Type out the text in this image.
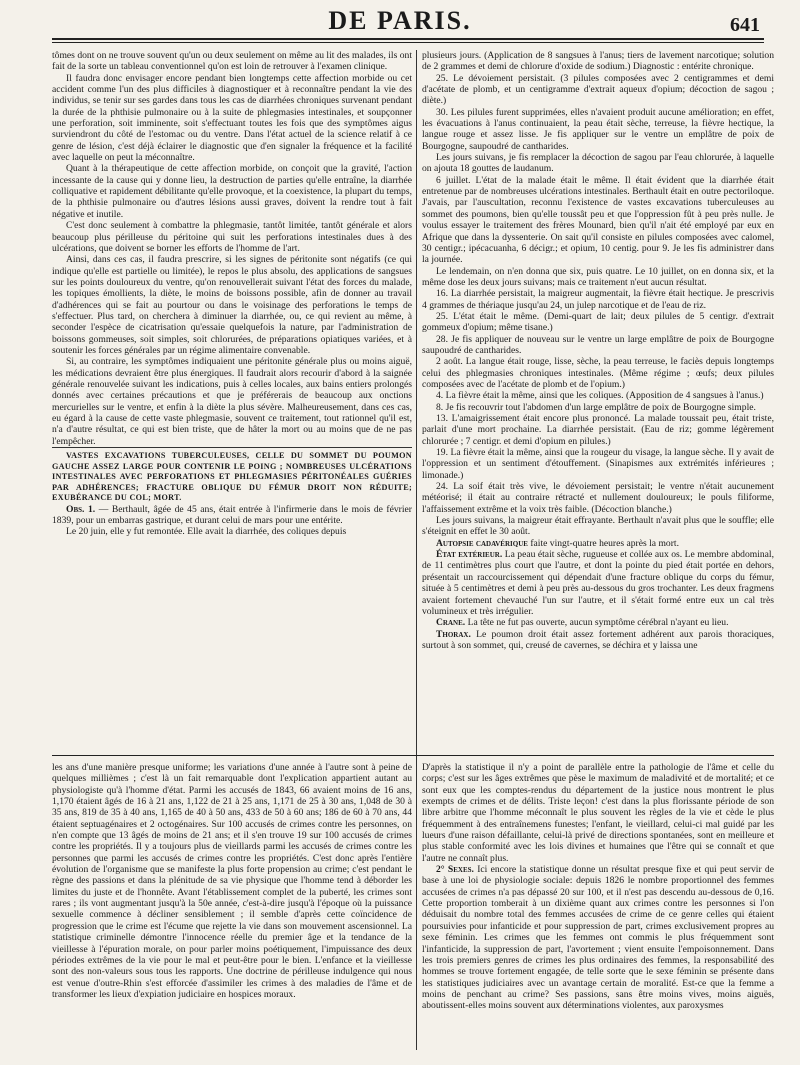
DE PARIS.	641

tômes dont on ne trouve souvent qu'un ou deux seulement on même au lit des malades, ils ont fait de la sorte un tableau conventionnel qu'on est loin de retrouver à l'examen clinique.

Il faudra donc envisager encore pendant bien longtemps cette affection morbide ou cet accident comme l'un des plus difficiles à diagnostiquer et à reconnaître pendant la vie des individus, se tenir sur ses gardes dans tous les cas de diarrhées chroniques survenant pendant la durée de la phthisie pulmonaire ou à la suite de phlegmasies intestinales, et soupçonner une perforation, soit imminente, soit s'effectuant toutes les fois que des symptômes aigus surviendront du côté de l'estomac ou du ventre. Dans l'état actuel de la science relatif à ce genre de lésion, c'est déjà éclairer le diagnostic que d'en signaler la fréquence et la facilité avec laquelle on peut la méconnaître.

Quant à la thérapeutique de cette affection morbide, on conçoit que la gravité, l'action incessante de la cause qui y donne lieu, la destruction de parties qu'elle entraîne, la diarrhée colliquative et rapidement débilitante qu'elle provoque, et la coexistence, la plupart du temps, de la phthisie pulmonaire ou d'autres lésions aussi graves, doivent la rendre tout à fait négative et inutile.

C'est donc seulement à combattre la phlegmasie, tantôt limitée, tantôt générale et alors beaucoup plus périlleuse du péritoine qui suit les perforations intestinales dues à des ulcérations, que doivent se borner les efforts de l'homme de l'art.

Ainsi, dans ces cas, il faudra prescrire, si les signes de péritonite sont négatifs (ce qui indique qu'elle est partielle ou limitée), le repos le plus absolu, des applications de sangsues sur les points douloureux du ventre, qu'on renouvellerait suivant l'état des forces du malade, les topiques émollients, la diète, le moins de boissons possible, afin de donner au travail d'adhérences qui se fait au pourtour ou dans le voisinage des perforations le temps de s'effectuer. Plus tard, on cherchera à diminuer la diarrhée, ou, ce qui revient au même, à seconder l'espèce de cicatrisation qu'essaie quelquefois la nature, par l'administration de boissons gommeuses, soit simples, soit chlorurées, de préparations opiatiques variées, et à soutenir les forces générales par un régime alimentaire convenable.

Si, au contraire, les symptômes indiquaient une péritonite générale plus ou moins aiguë, les médications devraient être plus énergiques. Il faudrait alors recourir d'abord à la saignée générale renouvelée suivant les indications, puis à celles locales, aux bains entiers prolongés donnés avec certaines précautions et que je préférerais de beaucoup aux onctions mercurielles sur le ventre, et enfin à la diète la plus sévère. Malheureusement, dans ces cas, eu égard à la cause de cette vaste phlegmasie, souvent ce traitement, tout rationnel qu'il est, n'a d'autre résultat, ce qui est bien triste, que de hâter la mort ou au moins que de ne pas l'empêcher.

VASTES EXCAVATIONS TUBERCULEUSES, CELLE DU SOMMET DU POUMON GAUCHE ASSEZ LARGE POUR CONTENIR LE POING ; NOMBREUSES ULCÉRATIONS INTESTINALES AVEC PERFORATIONS ET PHLEGMASIES PÉRITONÉALES GUÉRIES PAR ADHÉRENCES; FRACTURE OBLIQUE DU FÉMUR DROIT NON RÉDUITE; EXUBÉRANCE DU COL; MORT.

Obs. 1. — Berthault, âgée de 45 ans, était entrée à l'infirmerie dans le mois de février 1839, pour un embarras gastrique, et durant celui de mars pour une entérite.

Le 20 juin, elle y fut remontée. Elle avait la diarrhée, des coliques depuis

plusieurs jours. (Application de 8 sangsues à l'anus; tiers de lavement narcotique; solution de 2 grammes et demi de chlorure d'oxide de sodium.) Diagnostic : entérite chronique.

25. Le dévoiement persistait. (3 pilules composées avec 2 centigrammes et demi d'acétate de plomb, et un centigramme d'extrait aqueux d'opium; décoction de sagou ; diète.)

30. Les pilules furent supprimées, elles n'avaient produit aucune amélioration; en effet, les évacuations à l'anus continuaient, la peau était sèche, terreuse, la fièvre hectique, la langue rouge et assez lisse. Je fis appliquer sur le ventre un emplâtre de poix de Bourgogne, saupoudré de cantharides.

Les jours suivans, je fis remplacer la décoction de sagou par l'eau chlorurée, à laquelle on ajouta 18 gouttes de laudanum.

6 juillet. L'état de la malade était le même. Il était évident que la diarrhée était entretenue par de nombreuses ulcérations intestinales. Berthault était en outre pectoriloque. J'avais, par l'auscultation, reconnu l'existence de vastes excavations tuberculeuses au sommet des poumons, bien qu'elle toussât peu et que l'oppression fût à peu près nulle. Je voulus essayer le traitement des frères Mounard, bien qu'il n'ait été employé par eux en Afrique que dans la dyssenterie. On sait qu'il consiste en pilules composées avec calomel, 30 centigr.; ipécacuanha, 6 décigr.; et opium, 10 centig. pour 9. Je les fis administrer dans la journée.

Le lendemain, on n'en donna que six, puis quatre. Le 10 juillet, on en donna six, et la même dose les deux jours suivans; mais ce traitement n'eut aucun résultat.

16. La diarrhée persistait, la maigreur augmentait, la fièvre était hectique. Je prescrivis 4 grammes de thériaque jusqu'au 24, un julep narcotique et de l'eau de riz.

25. L'état était le même. (Demi-quart de lait; deux pilules de 5 centigr. d'extrait gommeux d'opium; même tisane.)

28. Je fis appliquer de nouveau sur le ventre un large emplâtre de poix de Bourgogne saupoudré de cantharides.

2 août. La langue était rouge, lisse, sèche, la peau terreuse, le faciès depuis longtemps celui des phlegmasies chroniques intestinales. (Même régime ; œufs; deux pilules composées avec de l'acétate de plomb et de l'opium.)

4. La fièvre était la même, ainsi que les coliques. (Apposition de 4 sangsues à l'anus.)

8. Je fis recouvrir tout l'abdomen d'un large emplâtre de poix de Bourgogne simple.

13. L'amaigrissement était encore plus prononcé. La malade toussait peu, était triste, parlait d'une mort prochaine. La diarrhée persistait. (Eau de riz; gomme légèrement chlorurée ; 7 centigr. et demi d'opium en pilules.)

19. La fièvre était la même, ainsi que la rougeur du visage, la langue sèche. Il y avait de l'oppression et un sentiment d'étouffement. (Sinapismes aux extrémités inférieures ; limonade.)

24. La soif était très vive, le dévoiement persistait; le ventre n'était aucunement météorisé; il était au contraire rétracté et nullement douloureux; le pouls filiforme, l'affaissement extrême et la voix très faible. (Décoction blanche.)

Les jours suivans, la maigreur était effrayante. Berthault n'avait plus que le souffle; elle s'éteignit en effet le 30 août.

Autopsie cadavérique faite vingt-quatre heures après la mort.

État extérieur. La peau était sèche, rugueuse et collée aux os. Le membre abdominal, de 11 centimètres plus court que l'autre, et dont la pointe du pied était portée en dehors, présentait un raccourcissement qui dépendait d'une fracture oblique du corps du fémur, située à 5 centimètres et demi à peu près au-dessous du gros trochanter. Les deux fragmens avaient fortement chevauché l'un sur l'autre, et il s'était formé entre eux un cal très volumineux et très irrégulier.

Crane. La tête ne fut pas ouverte, aucun symptôme cérébral n'ayant eu lieu.

Thorax. Le poumon droit était assez fortement adhérent aux parois thoraciques, surtout à son sommet, qui, creusé de cavernes, se déchira et y laissa une

les ans d'une manière presque uniforme; les variations d'une année à l'autre sont à peine de quelques millièmes ; c'est là un fait remarquable dont l'explication appartient autant au physiologiste qu'à l'homme d'état. Parmi les accusés de 1843, 66 avaient moins de 16 ans, 1,170 étaient âgés de 16 à 21 ans, 1,122 de 21 à 25 ans, 1,171 de 25 à 30 ans, 1,048 de 30 à 35 ans, 819 de 35 à 40 ans, 1,165 de 40 à 50 ans, 433 de 50 à 60 ans; 186 de 60 à 70 ans, 44 étaient septuagénaires et 2 octogénaires. Sur 100 accusés de crimes contre les personnes, on n'en compte que 13 âgés de moins de 21 ans; et il s'en trouve 19 sur 100 accusés de crimes contre les propriétés. Il y a toujours plus de vieillards parmi les accusés de crimes contre les personnes que parmi les accusés de crimes contre les propriétés. C'est donc après l'entière évolution de l'organisme que se manifeste la plus forte propension au crime; c'est pendant le règne des passions et dans la plénitude de sa vie physique que l'homme tend à déborder les limites du juste et de l'honnête. Avant l'établissement complet de la puberté, les crimes sont rares ; ils vont augmentant jusqu'à la 50e année, c'est-à-dire jusqu'à l'époque où la puissance sexuelle commence à décliner sensiblement ; il semble d'après cette coïncidence de progression que le crime est l'écume que rejette la vie dans son mouvement ascensionnel. La statistique criminelle démontre l'innocence réelle du premier âge et la tendance de la vieillesse à l'épuration morale, on pour parler moins poétiquement, l'impuissance des deux périodes extrêmes de la vie pour le mal et peut-être pour le bien. L'enfance et la vieillesse sont des non-valeurs sous tous les rapports. Une doctrine de périlleuse indulgence qui nous est venue d'outre-Rhin s'est efforcée d'assimiler les crimes à des maladies de l'âme et de transformer les lieux d'expiation judiciaire en hospices moraux.

D'après la statistique il n'y a point de parallèle entre la pathologie de l'âme et celle du corps; c'est sur les âges extrêmes que pèse le maximum de maladivité et de mortalité; et ce sont eux que les comptes-rendus du département de la justice nous montrent le plus exempts de crimes et de délits. Triste leçon! c'est dans la plus florissante période de son libre arbitre que l'homme méconnaît le plus souvent les règles de la vie et cède le plus fréquemment à des entraînemens funestes; l'enfant, le vieillard, celui-ci mal guidé par les lueurs d'une raison défaillante, celui-là privé de directions spontanées, sont en meilleure et plus stable conformité avec les lois divines et humaines que l'être qui se connaît et que l'autre ne connaît plus.

2° Sexes. Ici encore la statistique donne un résultat presque fixe et qui peut servir de base à une loi de physiologie sociale: depuis 1826 le nombre proportionnel des femmes accusées de crimes n'a pas dépassé 20 sur 100, et il n'est pas descendu au-dessous de 0,16. Cette proportion tomberait à un dixième quant aux crimes contre les personnes si l'on déduisait du nombre total des femmes accusées de crime de ce genre celles qui étaient poursuivies pour infanticide et pour suppression de part, crimes exclusivement propres au sexe féminin. Les crimes que les femmes ont commis le plus fréquemment sont l'infanticide, la suppression de part, l'avortement ; vient ensuite l'empoisonnement. Dans les trois premiers genres de crimes les plus ordinaires des femmes, la responsabilité des hommes se trouve fortement engagée, de telle sorte que le sexe féminin se présente dans les statistiques judiciaires avec un avantage certain de moralité. Est-ce que la femme a moins de penchant au crime? Ses passions, sans être moins vives, moins aiguës, aboutissent-elles moins souvent aux déterminations violentes, aux paroxysmes
